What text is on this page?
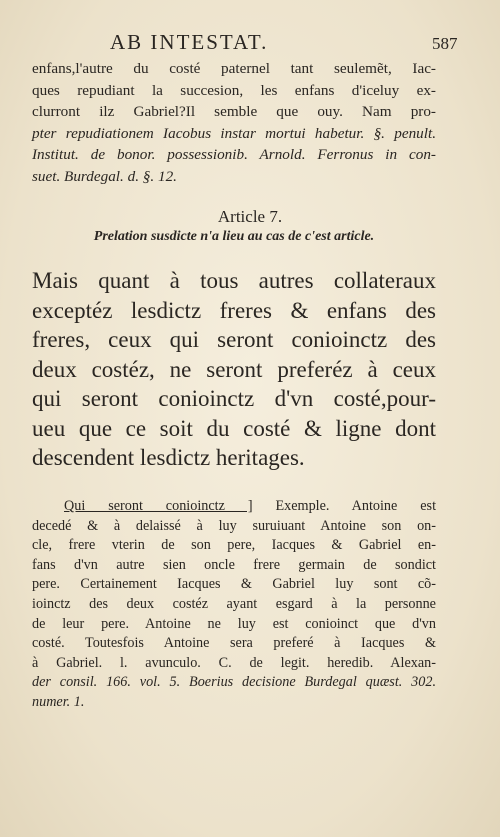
AB INTESTAT.	587
enfans,l'autre du costé paternel tant seulemẽt, Iac-
ques repudiant la succesion, les enfans d'iceluy ex-
clurront ilz Gabriel?Il semble que ouy. Nam pro-
pter repudiationem Iacobus instar mortui habetur. §. penult.
Institut. de bonor. possessionib. Arnold. Ferronus in con-
suet. Burdegal. d. §. 12.
Article 7.
Prelation susdicte n'a lieu au cas de c'est article.
Mais quant à tous autres collateraux
exceptéz lesdictz freres & enfans des
freres, ceux qui seront conioinctz des
deux costéz, ne seront preferéz à ceux
qui seront conioinctz d'vn costé,pour-
ueu que ce soit du costé & ligne dont
descendent lesdictz heritages.
Qui seront conioinctz ] Exemple. Antoine est
decedé & à delaissé à luy suruiuant Antoine son on-
cle, frere vterin de son pere, Iacques & Gabriel en-
fans d'vn autre sien oncle frere germain de sondict
pere. Certainement Iacques & Gabriel luy sont cõ-
ioinctz des deux costéz ayant esgard à la personne
de leur pere. Antoine ne luy est conioinct que d'vn
costé. Toutesfois Antoine sera preferé à Iacques &
à Gabriel. l. avunculo. C. de legit. heredib. Alexan-
der consil. 166. vol. 5. Boerius decisione Burdegal quæst. 302.
numer. 1.
